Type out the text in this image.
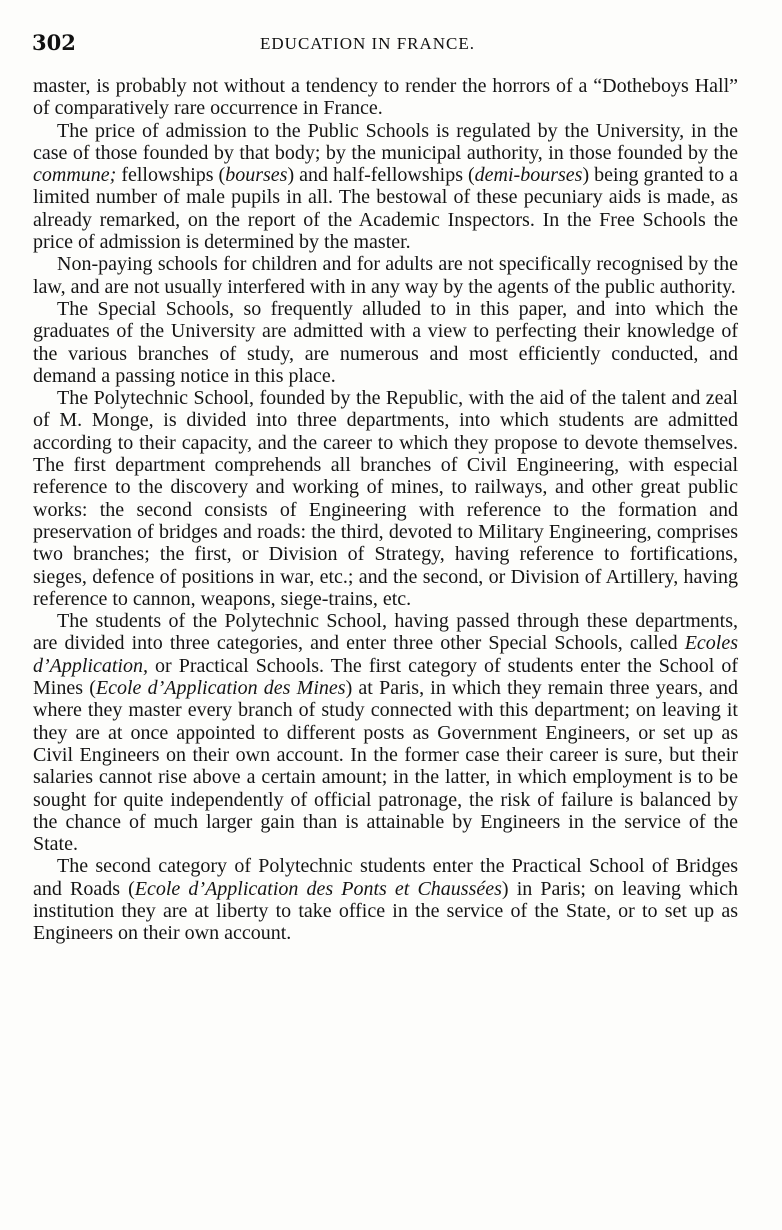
302	EDUCATION IN FRANCE.

master, is probably not without a tendency to render the horrors of a “Dotheboys Hall” of comparatively rare occurrence in France.

The price of admission to the Public Schools is regulated by the University, in the case of those founded by that body; by the municipal authority, in those founded by the commune; fellowships (bourses) and half-fellowships (demi-bourses) being granted to a limited number of male pupils in all. The bestowal of these pecuniary aids is made, as already remarked, on the report of the Academic Inspectors. In the Free Schools the price of admission is determined by the master.

Non-paying schools for children and for adults are not specifically recognised by the law, and are not usually interfered with in any way by the agents of the public authority.

The Special Schools, so frequently alluded to in this paper, and into which the graduates of the University are admitted with a view to perfecting their knowledge of the various branches of study, are numerous and most efficiently conducted, and demand a passing notice in this place.

The Polytechnic School, founded by the Republic, with the aid of the talent and zeal of M. Monge, is divided into three departments, into which students are admitted according to their capacity, and the career to which they propose to devote themselves. The first department comprehends all branches of Civil Engineering, with especial reference to the discovery and working of mines, to railways, and other great public works: the second consists of Engineering with reference to the formation and preservation of bridges and roads: the third, devoted to Military Engineering, comprises two branches; the first, or Division of Strategy, having reference to fortifications, sieges, defence of positions in war, etc.; and the second, or Division of Artillery, having reference to cannon, weapons, siege-trains, etc.

The students of the Polytechnic School, having passed through these departments, are divided into three categories, and enter three other Special Schools, called Ecoles d’Application, or Practical Schools. The first category of students enter the School of Mines (Ecole d’Application des Mines) at Paris, in which they remain three years, and where they master every branch of study connected with this department; on leaving it they are at once appointed to different posts as Government Engineers, or set up as Civil Engineers on their own account. In the former case their career is sure, but their salaries cannot rise above a certain amount; in the latter, in which employment is to be sought for quite independently of official patronage, the risk of failure is balanced by the chance of much larger gain than is attainable by Engineers in the service of the State.

The second category of Polytechnic students enter the Practical School of Bridges and Roads (Ecole d’Application des Ponts et Chaussées) in Paris; on leaving which institution they are at liberty to take office in the service of the State, or to set up as Engineers on their own account.
